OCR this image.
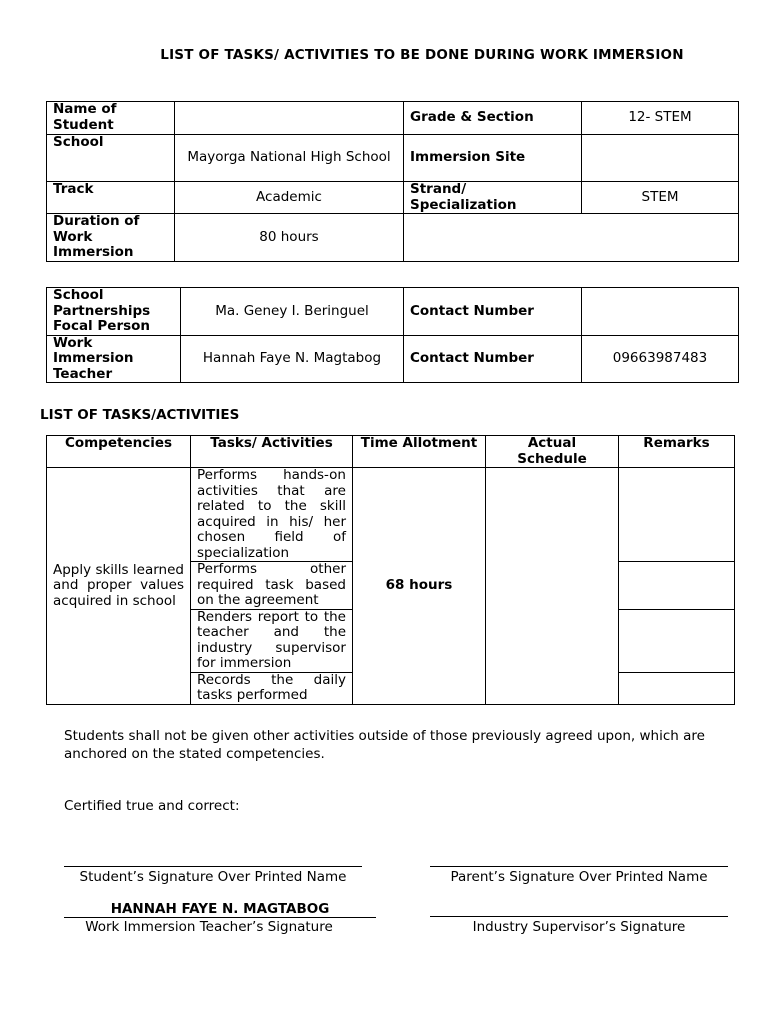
LIST OF TASKS/ ACTIVITIES TO BE DONE DURING WORK IMMERSION
Name of Student		Grade & Section	12- STEM
School	Mayorga National High School	Immersion Site	
Track	Academic	Strand/ Specialization	STEM
Duration of Work Immersion	80 hours		
School Partnerships Focal Person	Ma. Geney I. Beringuel	Contact Number	
Work Immersion Teacher	Hannah Faye N. Magtabog	Contact Number	09663987483
LIST OF TASKS/ACTIVITIES
Competencies	Tasks/ Activities	Time Allotment	Actual Schedule	Remarks
Apply skills learned and proper values acquired in school	Performs hands-on activities that are related to the skill acquired in his/ her chosen field of specialization	68 hours		
	Performs other required task based on the agreement			
	Renders report to the teacher and the industry supervisor for immersion			
	Records the daily tasks performed			
Students shall not be given other activities outside of those previously agreed upon, which are anchored on the stated competencies.
Certified true and correct:
Student’s Signature Over Printed Name	Parent’s Signature Over Printed Name
HANNAH FAYE N. MAGTABOG
Work Immersion Teacher’s Signature	Industry Supervisor’s Signature
